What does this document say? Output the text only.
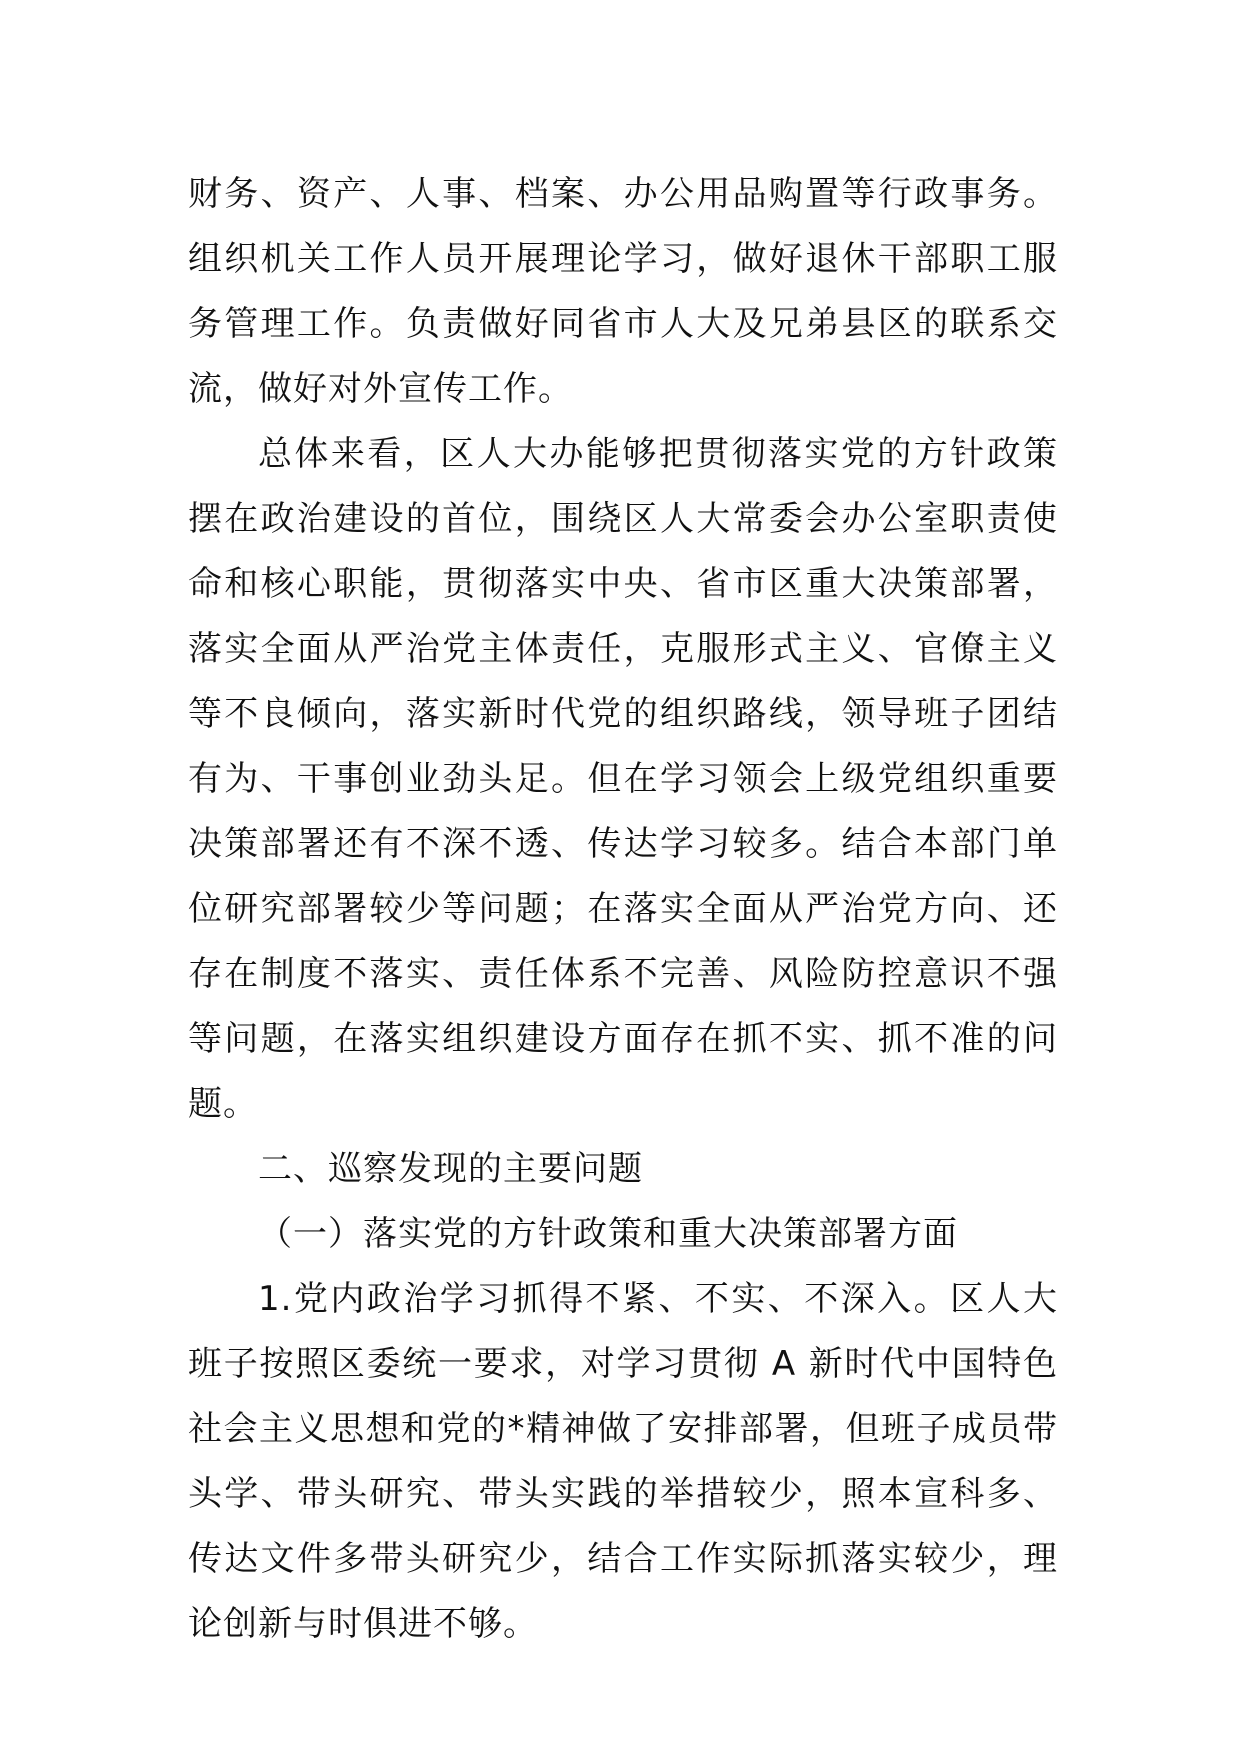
财务、资产、人事、档案、办公用品购置等行政事务。组织机关工作人员开展理论学习，做好退休干部职工服务管理工作。负责做好同省市人大及兄弟县区的联系交流，做好对外宣传工作。

总体来看，区人大办能够把贯彻落实党的方针政策摆在政治建设的首位，围绕区人大常委会办公室职责使命和核心职能，贯彻落实中央、省市区重大决策部署，落实全面从严治党主体责任，克服形式主义、官僚主义等不良倾向，落实新时代党的组织路线，领导班子团结有为、干事创业劲头足。但在学习领会上级党组织重要决策部署还有不深不透、传达学习较多。结合本部门单位研究部署较少等问题；在落实全面从严治党方向、还存在制度不落实、责任体系不完善、风险防控意识不强等问题，在落实组织建设方面存在抓不实、抓不准的问题。

二、巡察发现的主要问题

（一）落实党的方针政策和重大决策部署方面

1.党内政治学习抓得不紧、不实、不深入。区人大班子按照区委统一要求，对学习贯彻 A 新时代中国特色社会主义思想和党的*精神做了安排部署，但班子成员带头学、带头研究、带头实践的举措较少，照本宣科多、传达文件多带头研究少，结合工作实际抓落实较少，理论创新与时俱进不够。
